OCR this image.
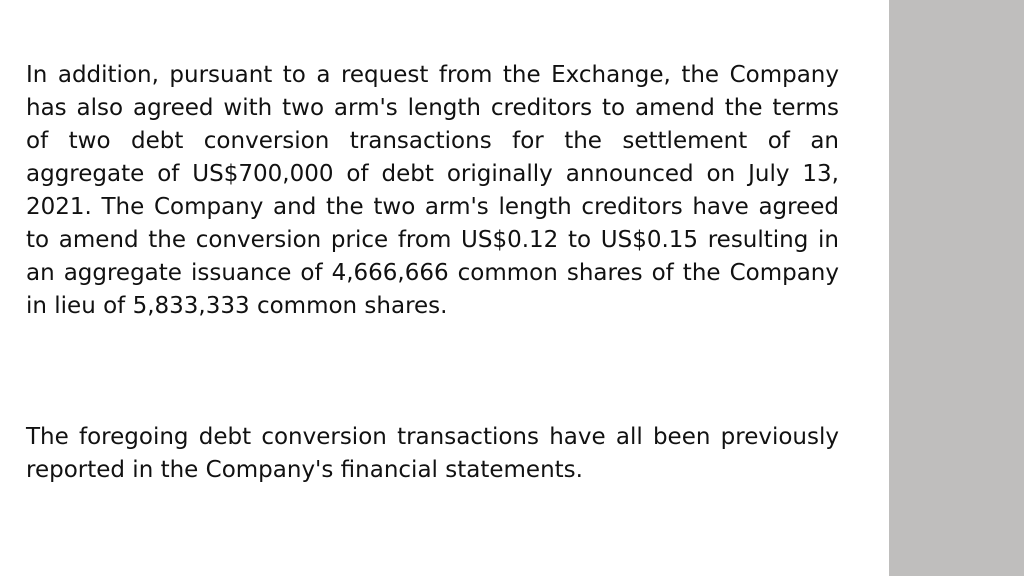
In addition, pursuant to a request from the Exchange, the Company has also agreed with two arm's length creditors to amend the terms of two debt conversion transactions for the settlement of an aggregate of US$700,000 of debt originally announced on July 13, 2021. The Company and the two arm's length creditors have agreed to amend the conversion price from US$0.12 to US$0.15 resulting in an aggregate issuance of 4,666,666 common shares of the Company in lieu of 5,833,333 common shares.

The foregoing debt conversion transactions have all been previously reported in the Company's financial statements.
